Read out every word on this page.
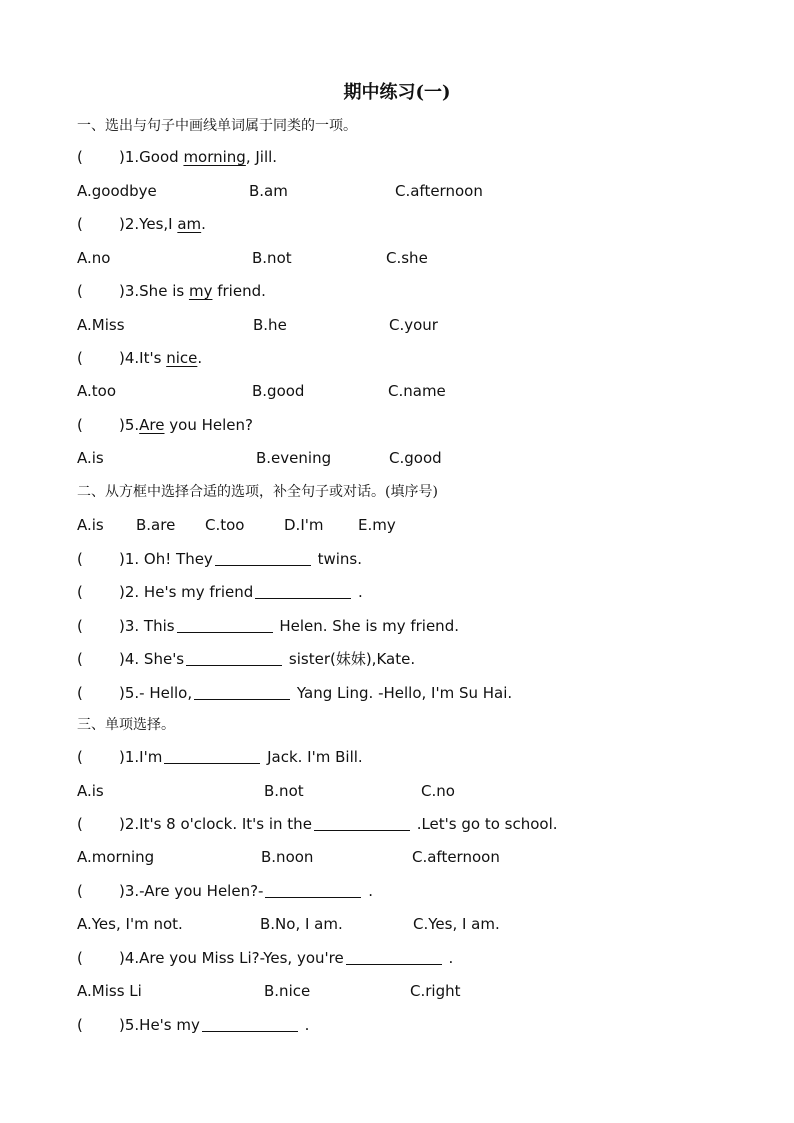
期中练习(一)
一、选出与句子中画线单词属于同类的一项。
( )1.Good morning, Jill.
A.goodbye	B.am	C.afternoon
( )2.Yes,I am.
A.no	B.not	C.she
( )3.She is my friend.
A.Miss	B.he	C.your
( )4.It's nice.
A.too	B.good	C.name
( )5.Are you Helen?
A.is	B.evening	C.good
二、从方框中选择合适的选项，补全句子或对话。(填序号)
A.is B.are C.too	D.I'm E.my
( )1. Oh! They	twins.
( )2. He's my friend	.
( )3. This	Helen. She is my friend.
( )4. She's	sister(妹妹),Kate.
( )5.- Hello,	Yang Ling. -Hello, I'm Su Hai.
三、单项选择。
( )1.I'm	Jack. I'm Bill.
A.is	B.not	C.no
( )2.It's 8 o'clock. It's in the	.Let's go to school.
A.morning	B.noon	C.afternoon
( )3.-Are you Helen?-	.
A.Yes, I'm not.	B.No, I am.	C.Yes, I am.
( )4.Are you Miss Li?-Yes, you're	.
A.Miss Li	B.nice	C.right
( )5.He's my	.
